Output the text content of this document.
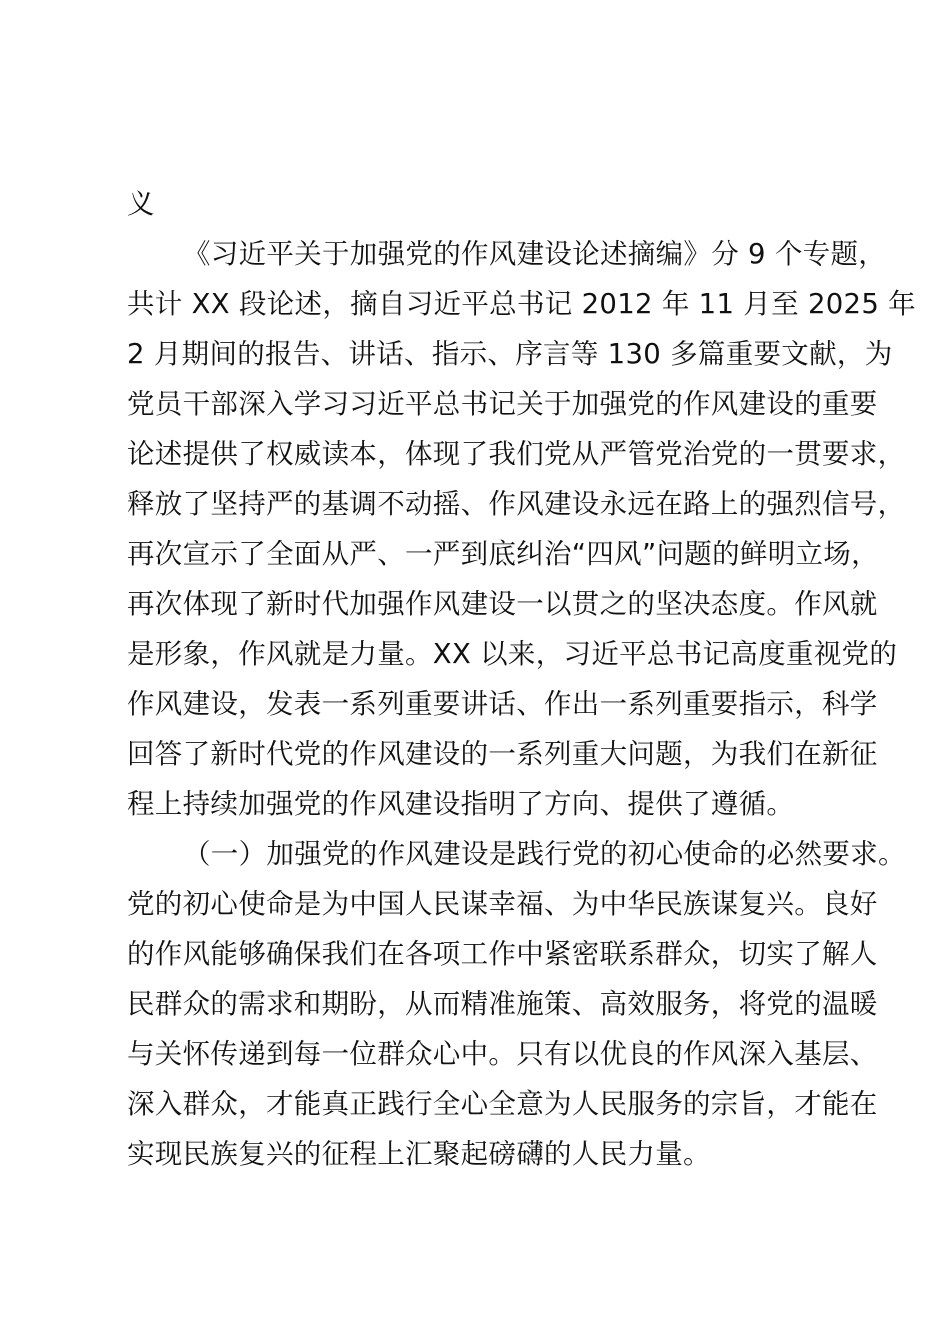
义
《习近平关于加强党的作风建设论述摘编》分 9 个专题，
共计 XX 段论述，摘自习近平总书记 2012 年 11 月至 2025 年
2 月期间的报告、讲话、指示、序言等 130 多篇重要文献，为
党员干部深入学习习近平总书记关于加强党的作风建设的重要
论述提供了权威读本，体现了我们党从严管党治党的一贯要求，
释放了坚持严的基调不动摇、作风建设永远在路上的强烈信号，
再次宣示了全面从严、一严到底纠治“四风”问题的鲜明立场，
再次体现了新时代加强作风建设一以贯之的坚决态度。作风就
是形象，作风就是力量。XX 以来，习近平总书记高度重视党的
作风建设，发表一系列重要讲话、作出一系列重要指示，科学
回答了新时代党的作风建设的一系列重大问题，为我们在新征
程上持续加强党的作风建设指明了方向、提供了遵循。
（一）加强党的作风建设是践行党的初心使命的必然要求。
党的初心使命是为中国人民谋幸福、为中华民族谋复兴。良好
的作风能够确保我们在各项工作中紧密联系群众，切实了解人
民群众的需求和期盼，从而精准施策、高效服务，将党的温暖
与关怀传递到每一位群众心中。只有以优良的作风深入基层、
深入群众，才能真正践行全心全意为人民服务的宗旨，才能在
实现民族复兴的征程上汇聚起磅礴的人民力量。
